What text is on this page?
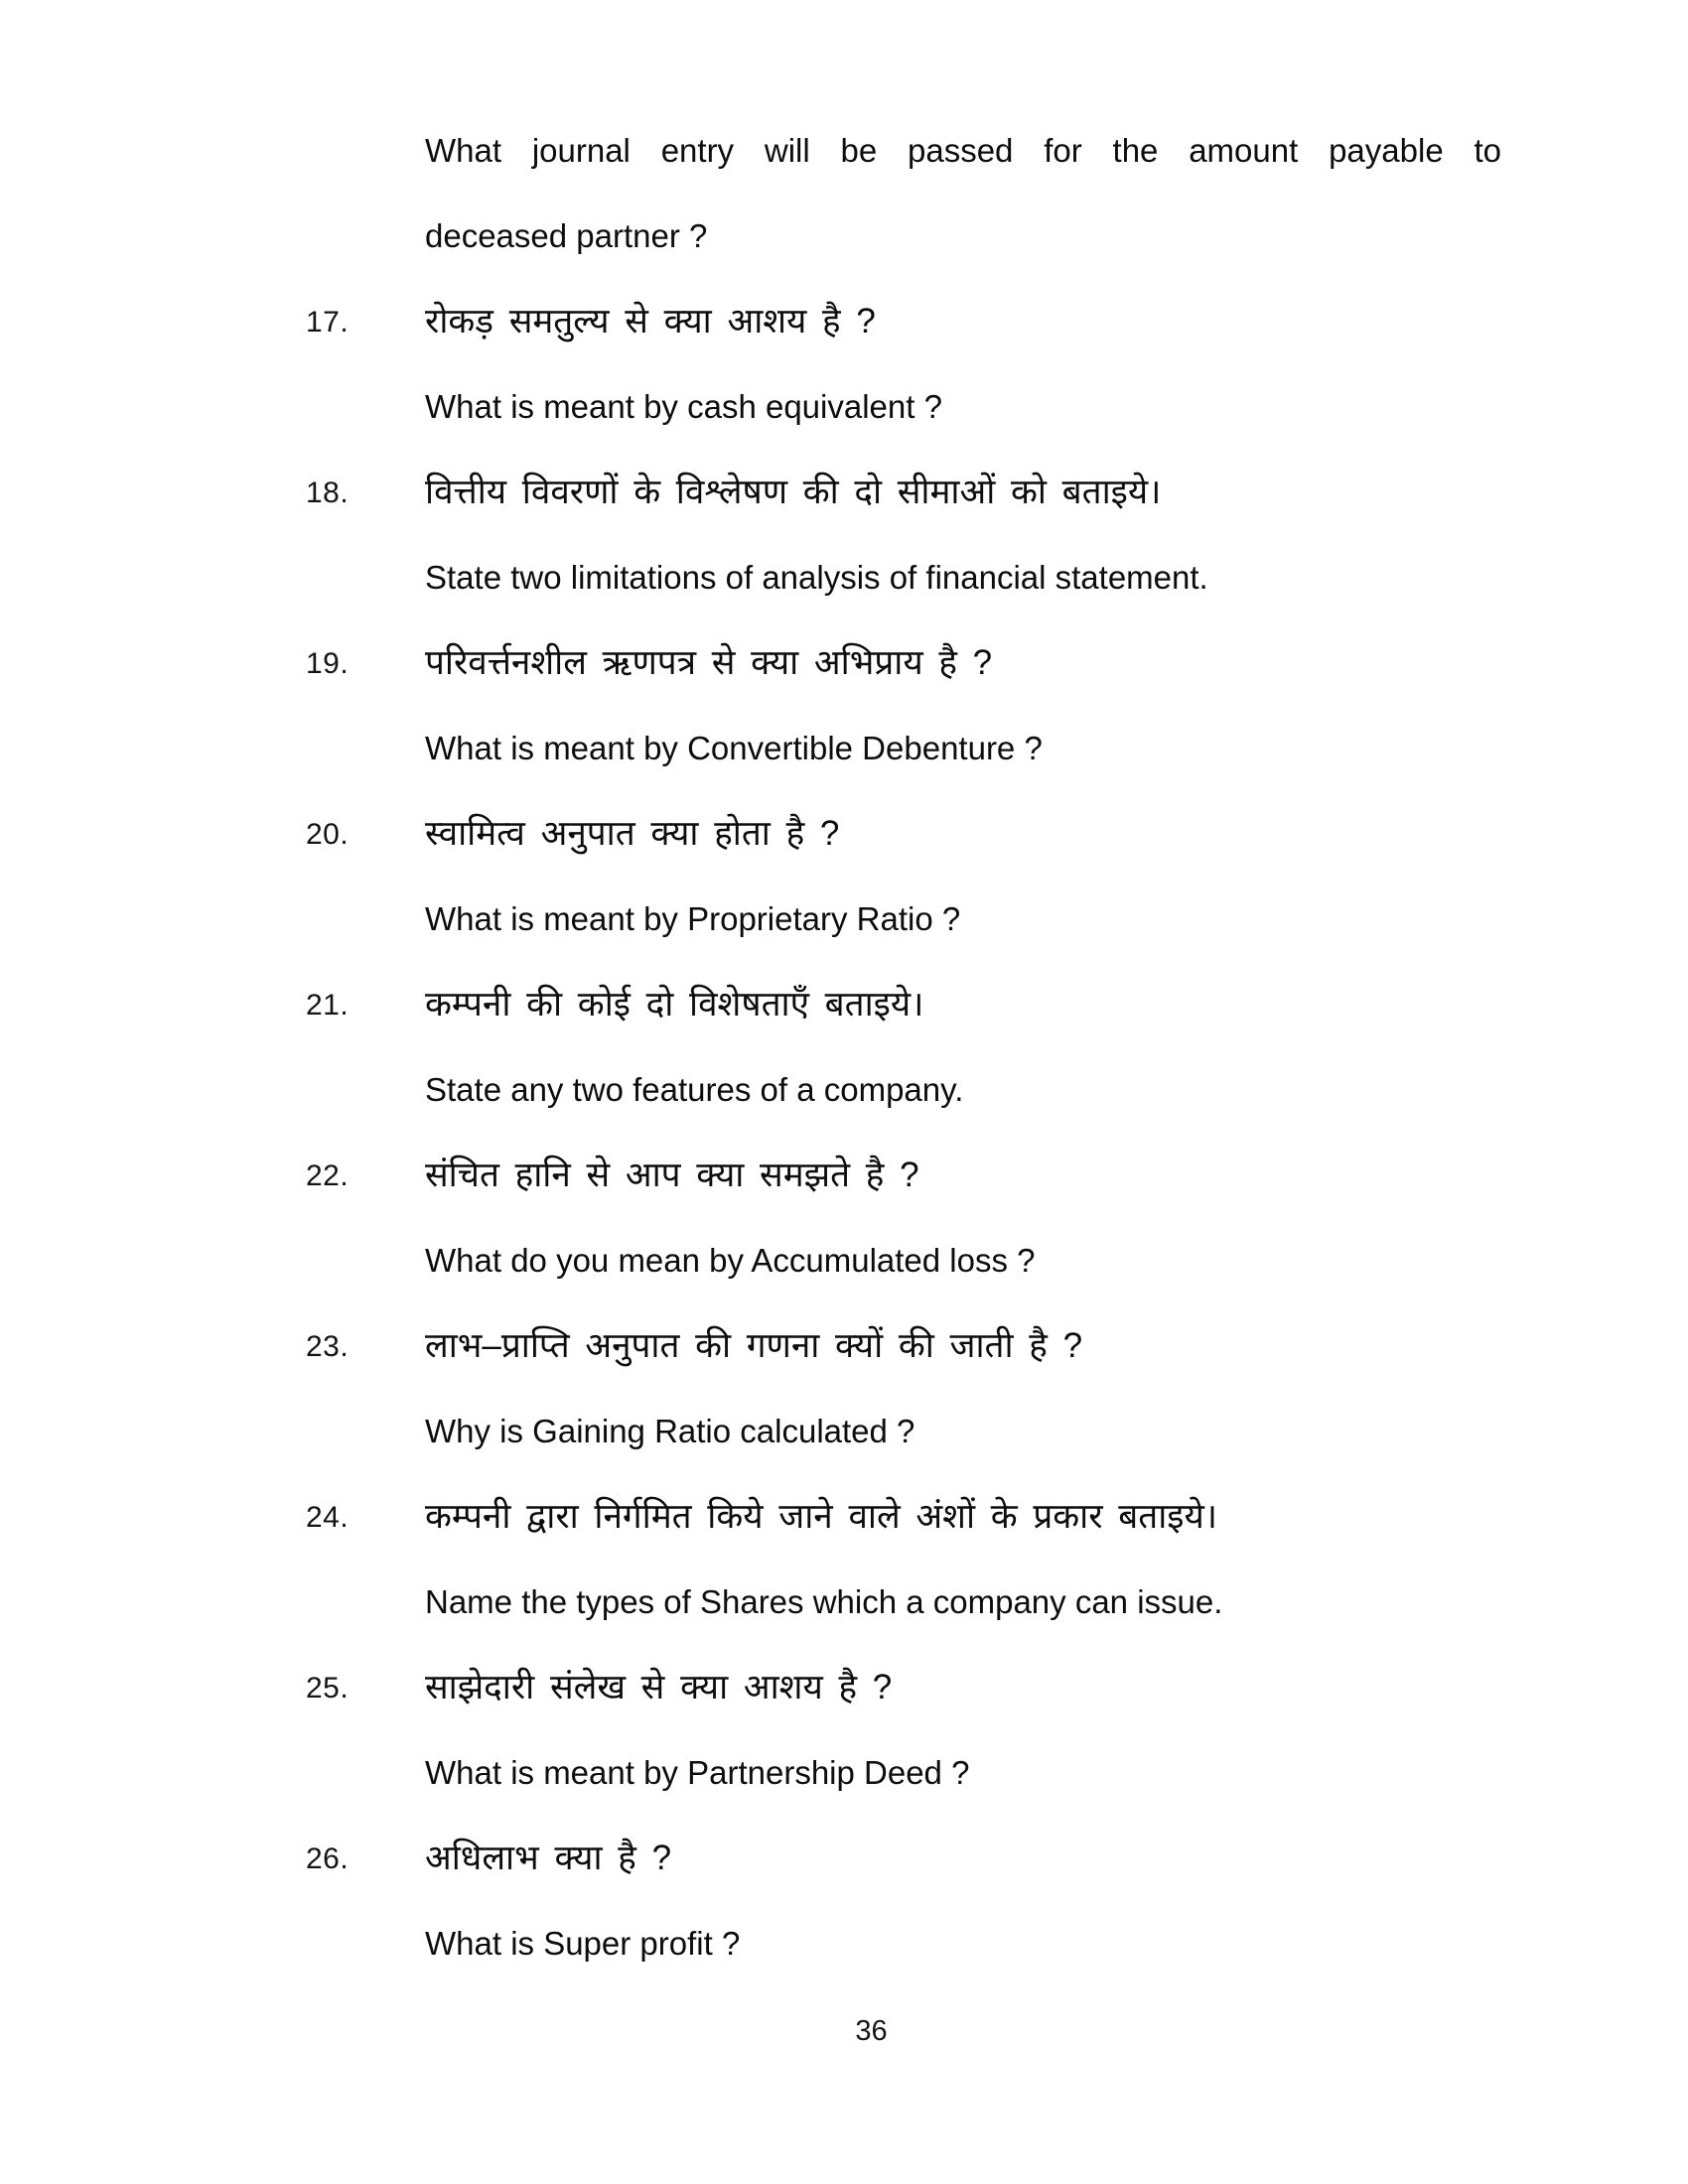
What journal entry will be passed for the amount payable to
deceased partner ?
17. रोकड़ समतुल्य से क्या आशय है ?
What is meant by cash equivalent ?
18. वित्तीय विवरणों के विश्लेषण की दो सीमाओं को बताइये।
State two limitations of analysis of financial statement.
19. परिवर्त्तनशील ऋणपत्र से क्या अभिप्राय है ?
What is meant by Convertible Debenture ?
20. स्वामित्व अनुपात क्या होता है ?
What is meant by Proprietary Ratio ?
21. कम्पनी की कोई दो विशेषताएँ बताइये।
State any two features of a company.
22. संचित हानि से आप क्या समझते है ?
What do you mean by Accumulated loss ?
23. लाभ–प्राप्ति अनुपात की गणना क्यों की जाती है ?
Why is Gaining Ratio calculated ?
24. कम्पनी द्वारा निर्गमित किये जाने वाले अंशों के प्रकार बताइये।
Name the types of Shares which a company can issue.
25. साझेदारी संलेख से क्या आशय है ?
What is meant by Partnership Deed ?
26. अधिलाभ क्या है ?
What is Super profit ?
36
